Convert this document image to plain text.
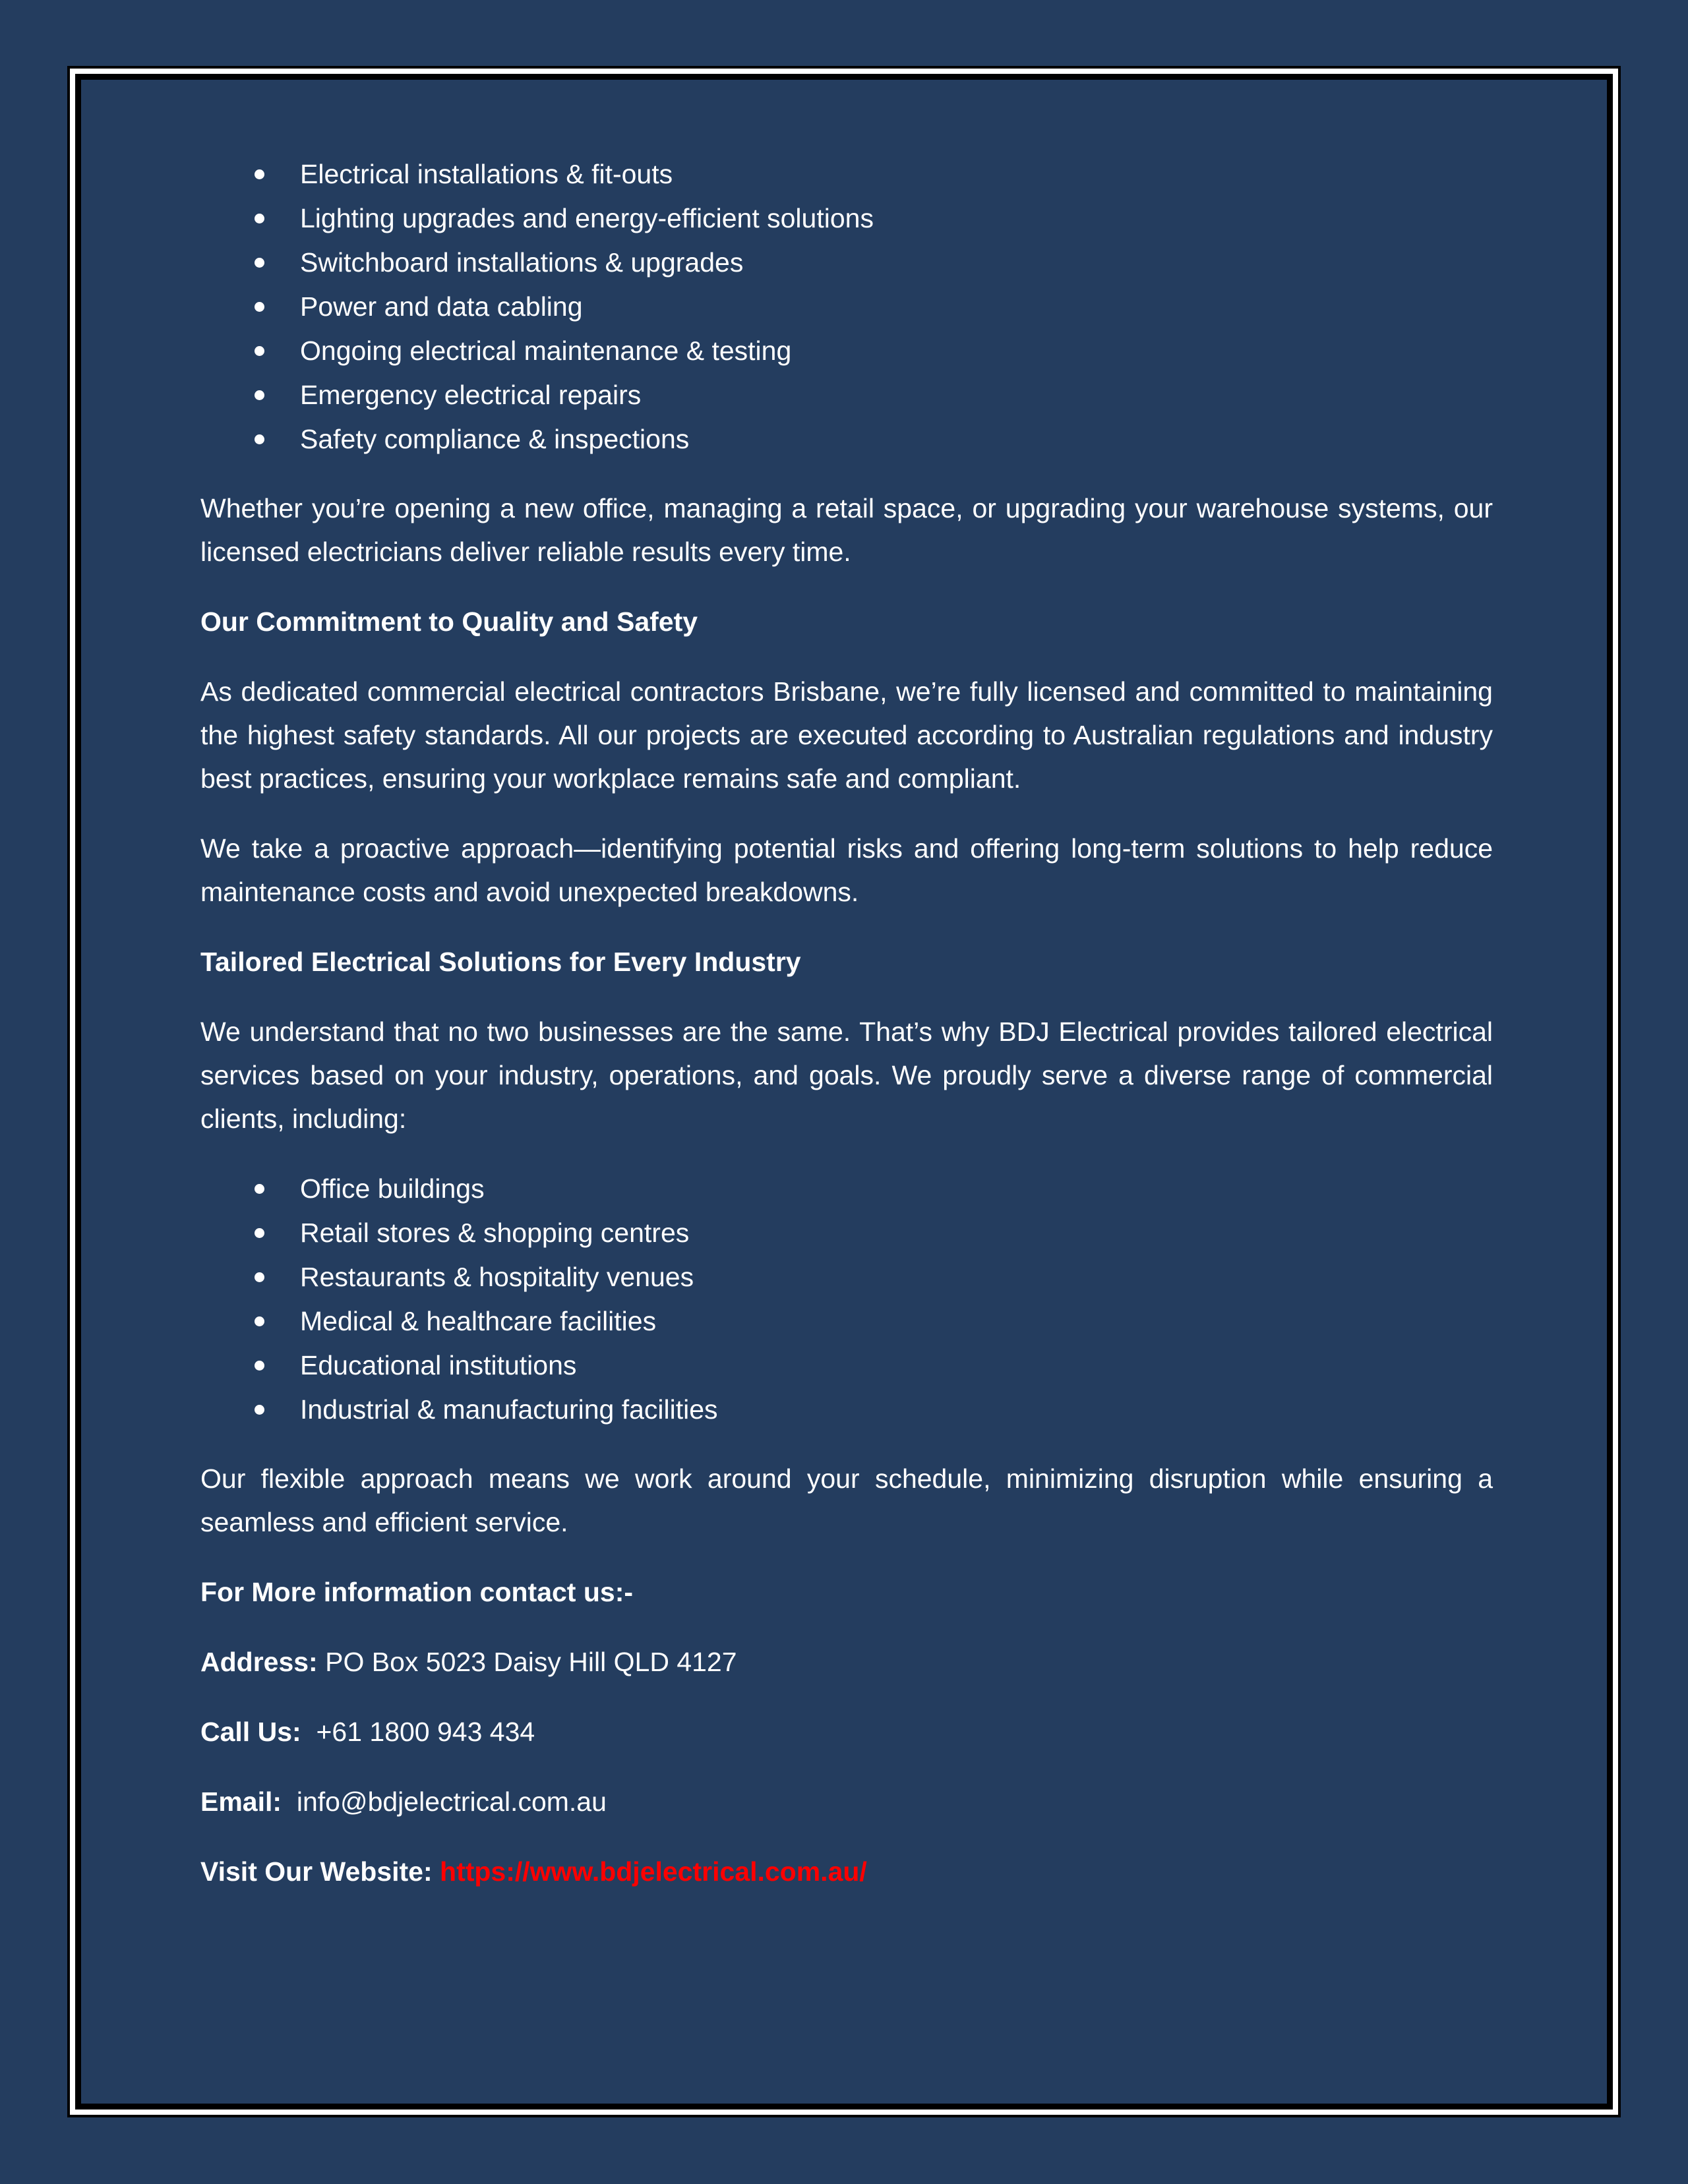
Electrical installations & fit-outs
Lighting upgrades and energy-efficient solutions
Switchboard installations & upgrades
Power and data cabling
Ongoing electrical maintenance & testing
Emergency electrical repairs
Safety compliance & inspections

Whether you’re opening a new office, managing a retail space, or upgrading your warehouse systems, our licensed electricians deliver reliable results every time.

Our Commitment to Quality and Safety

As dedicated commercial electrical contractors Brisbane, we’re fully licensed and committed to maintaining the highest safety standards. All our projects are executed according to Australian regulations and industry best practices, ensuring your workplace remains safe and compliant.

We take a proactive approach—identifying potential risks and offering long-term solutions to help reduce maintenance costs and avoid unexpected breakdowns.

Tailored Electrical Solutions for Every Industry

We understand that no two businesses are the same. That’s why BDJ Electrical provides tailored electrical services based on your industry, operations, and goals. We proudly serve a diverse range of commercial clients, including:

Office buildings
Retail stores & shopping centres
Restaurants & hospitality venues
Medical & healthcare facilities
Educational institutions
Industrial & manufacturing facilities

Our flexible approach means we work around your schedule, minimizing disruption while ensuring a seamless and efficient service.

For More information contact us:-

Address: PO Box 5023 Daisy Hill QLD 4127

Call Us: +61 1800 943 434

Email: info@bdjelectrical.com.au

Visit Our Website: https://www.bdjelectrical.com.au/
